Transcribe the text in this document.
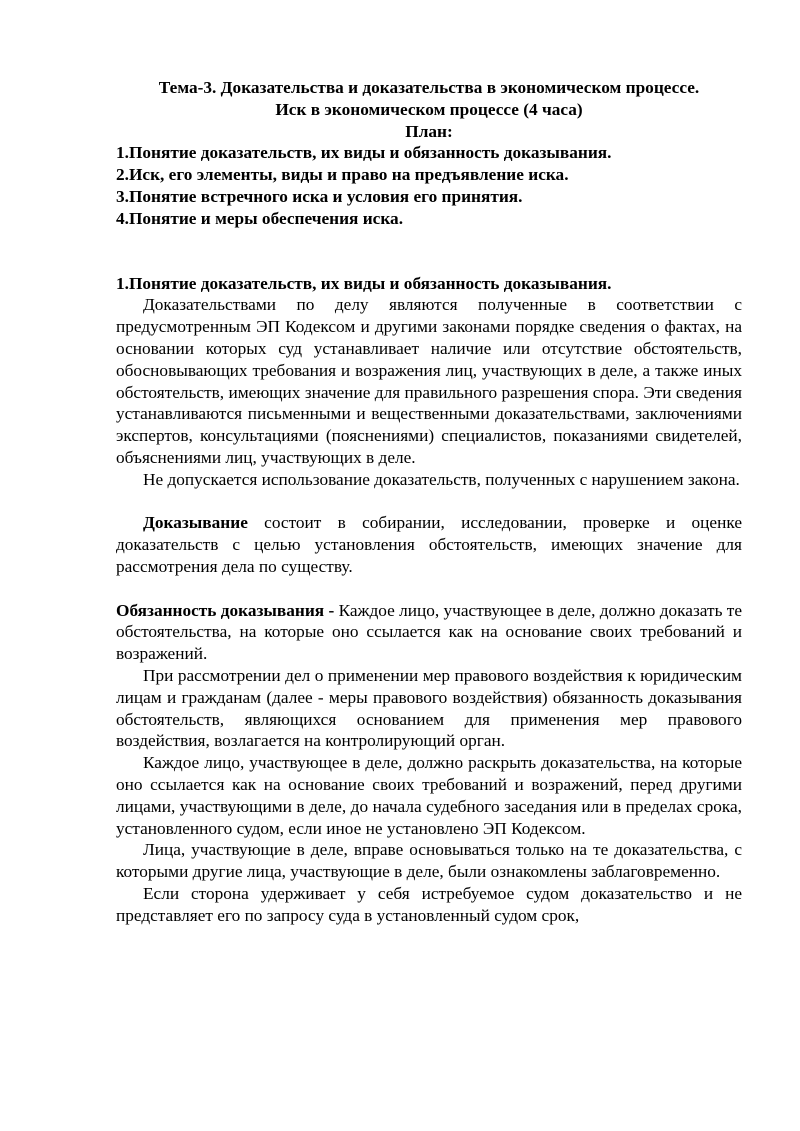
Тема-3. Доказательства и доказательства в экономическом процессе.
Иск в экономическом процессе (4 часа)
План:
1.Понятие доказательств, их виды и обязанность доказывания.
2.Иск, его элементы, виды и право на предъявление иска.
3.Понятие встречного иска и условия его принятия.
4.Понятие и меры обеспечения иска.
1.Понятие доказательств, их виды и обязанность доказывания.

Доказательствами по делу являются полученные в соответствии с предусмотренным ЭП Кодексом и другими законами порядке сведения о фактах, на основании которых суд устанавливает наличие или отсутствие обстоятельств, обосновывающих требования и возражения лиц, участвующих в деле, а также иных обстоятельств, имеющих значение для правильного разрешения спора. Эти сведения устанавливаются письменными и вещественными доказательствами, заключениями экспертов, консультациями (пояснениями) специалистов, показаниями свидетелей, объяснениями лиц, участвующих в деле.

Не допускается использование доказательств, полученных с нарушением закона.

Доказывание состоит в собирании, исследовании, проверке и оценке доказательств с целью установления обстоятельств, имеющих значение для рассмотрения дела по существу.

Обязанность доказывания - Каждое лицо, участвующее в деле, должно доказать те обстоятельства, на которые оно ссылается как на основание своих требований и возражений.

При рассмотрении дел о применении мер правового воздействия к юридическим лицам и гражданам (далее - меры правового воздействия) обязанность доказывания обстоятельств, являющихся основанием для применения мер правового воздействия, возлагается на контролирующий орган.

Каждое лицо, участвующее в деле, должно раскрыть доказательства, на которые оно ссылается как на основание своих требований и возражений, перед другими лицами, участвующими в деле, до начала судебного заседания или в пределах срока, установленного судом, если иное не установлено ЭП Кодексом.

Лица, участвующие в деле, вправе основываться только на те доказательства, с которыми другие лица, участвующие в деле, были ознакомлены заблаговременно.

Если сторона удерживает у себя истребуемое судом доказательство и не представляет его по запросу суда в установленный судом срок,
